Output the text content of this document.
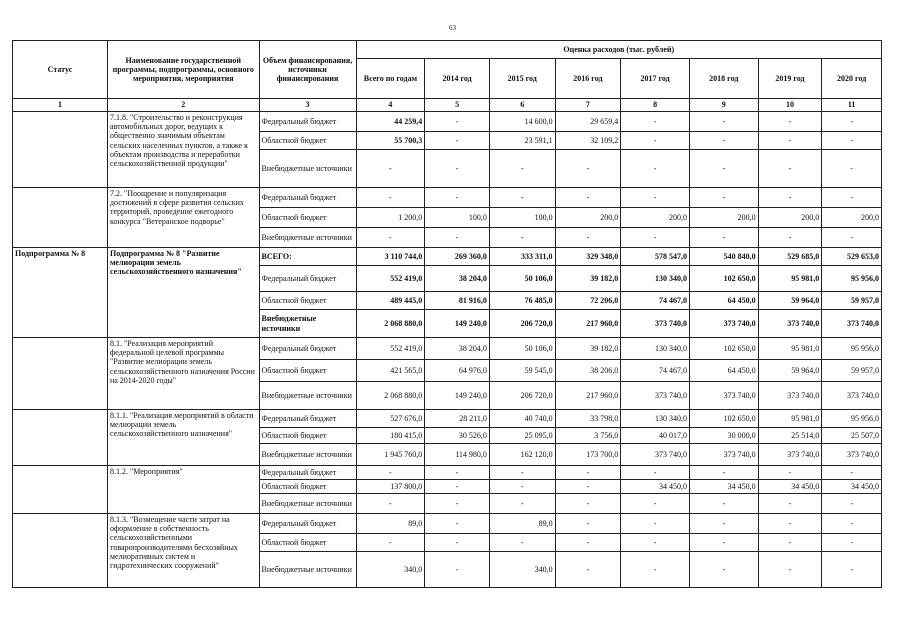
63
Статус	Наименование государственной программы, подпрограммы, основного мероприятия, мероприятия	Объем финансирования, источники финансирования	Оценка расходов (тыс. рублей)							
			Всего по годам	2014 год	2015 год	2016 год	2017 год	2018 год	2019 год	2020 год
1	2	3	4	5	6	7	8	9	10	11
	7.1.8. "Строительство и реконструкция автомобильных дорог, ведущих к общественно значимым объектам сельских населенных пунктов, а также к объектам производства и переработки сельскохозяйственной продукции"	Федеральный бюджет	44 259,4	-	14 600,0	29 659,4	-	-	-	-
		Областной бюджет	55 700,3	-	23 591,1	32 109,2	-	-	-	-
		Внебюджетные источники	-	-	-	-	-	-	-	-
	7.2. "Поощрение и популяризация достижений в сфере развития сельских территорий, проведение ежегодного конкурса "Ветеранское подворье"	Федеральный бюджет	-	-	-	-	-	-	-	-
		Областной бюджет	1 200,0	100,0	100,0	200,0	200,0	200,0	200,0	200,0
		Внебюджетные источники	-	-	-	-	-	-	-	-
Подпрограмма № 8	Подпрограмма № 8 "Развитие мелиорации земель сельскохозяйственного назначения"	ВСЕГО:	3 110 744,0	269 360,0	333 311,0	329 348,0	578 547,0	540 840,0	529 685,0	529 653,0
		Федеральный бюджет	552 419,0	38 204,0	50 106,0	39 182,0	130 340,0	102 650,0	95 981,0	95 956,0
		Областной бюджет	489 445,0	81 916,0	76 485,0	72 206,0	74 467,0	64 450,0	59 964,0	59 957,0
		Внебюджетные источники	2 068 880,0	149 240,0	206 720,0	217 960,0	373 740,0	373 740,0	373 740,0	373 740,0
	8.1. "Реализация мероприятий федеральной целевой программы "Развитие мелиорации земель сельскохозяйственного назначения России на 2014-2020 годы"	Федеральный бюджет	552 419,0	38 204,0	50 106,0	39 182,0	130 340,0	102 650,0	95 981,0	95 956,0
		Областной бюджет	421 565,0	64 976,0	59 545,0	38 206,0	74 467,0	64 450,0	59 964,0	59 957,0
		Внебюджетные источники	2 068 880,0	149 240,0	206 720,0	217 960,0	373 740,0	373 740,0	373 740,0	373 740,0
	8.1.1. "Реализация мероприятий в области мелиорации земель сельскохозяйственного назначения"	Федеральный бюджет	527 676,0	28 211,0	40 740,0	33 798,0	130 340,0	102 650,0	95 981,0	95 956,0
		Областной бюджет	180 415,0	30 526,0	25 095,0	3 756,0	40 017,0	30 000,0	25 514,0	25 507,0
		Внебюджетные источники	1 945 760,0	114 980,0	162 120,0	173 700,0	373 740,0	373 740,0	373 740,0	373 740,0
	8.1.2. "Мероприятия"	Федеральный бюджет	-	-	-	-	-	-	-	-
		Областной бюджет	137 800,0	-	-	-	34 450,0	34 450,0	34 450,0	34 450,0
		Внебюджетные источники	-	-	-	-	-	-	-	-
	8.1.3. "Возмещение части затрат на оформление в собственность сельскохозяйственными товаропроизводителями бесхозяйных мелиоративных систем и гидротехнических сооружений"	Федеральный бюджет	89,0	-	89,0	-	-	-	-	-
		Областной бюджет	-	-	-	-	-	-	-	-
		Внебюджетные источники	340,0	-	340,0	-	-	-	-	-
